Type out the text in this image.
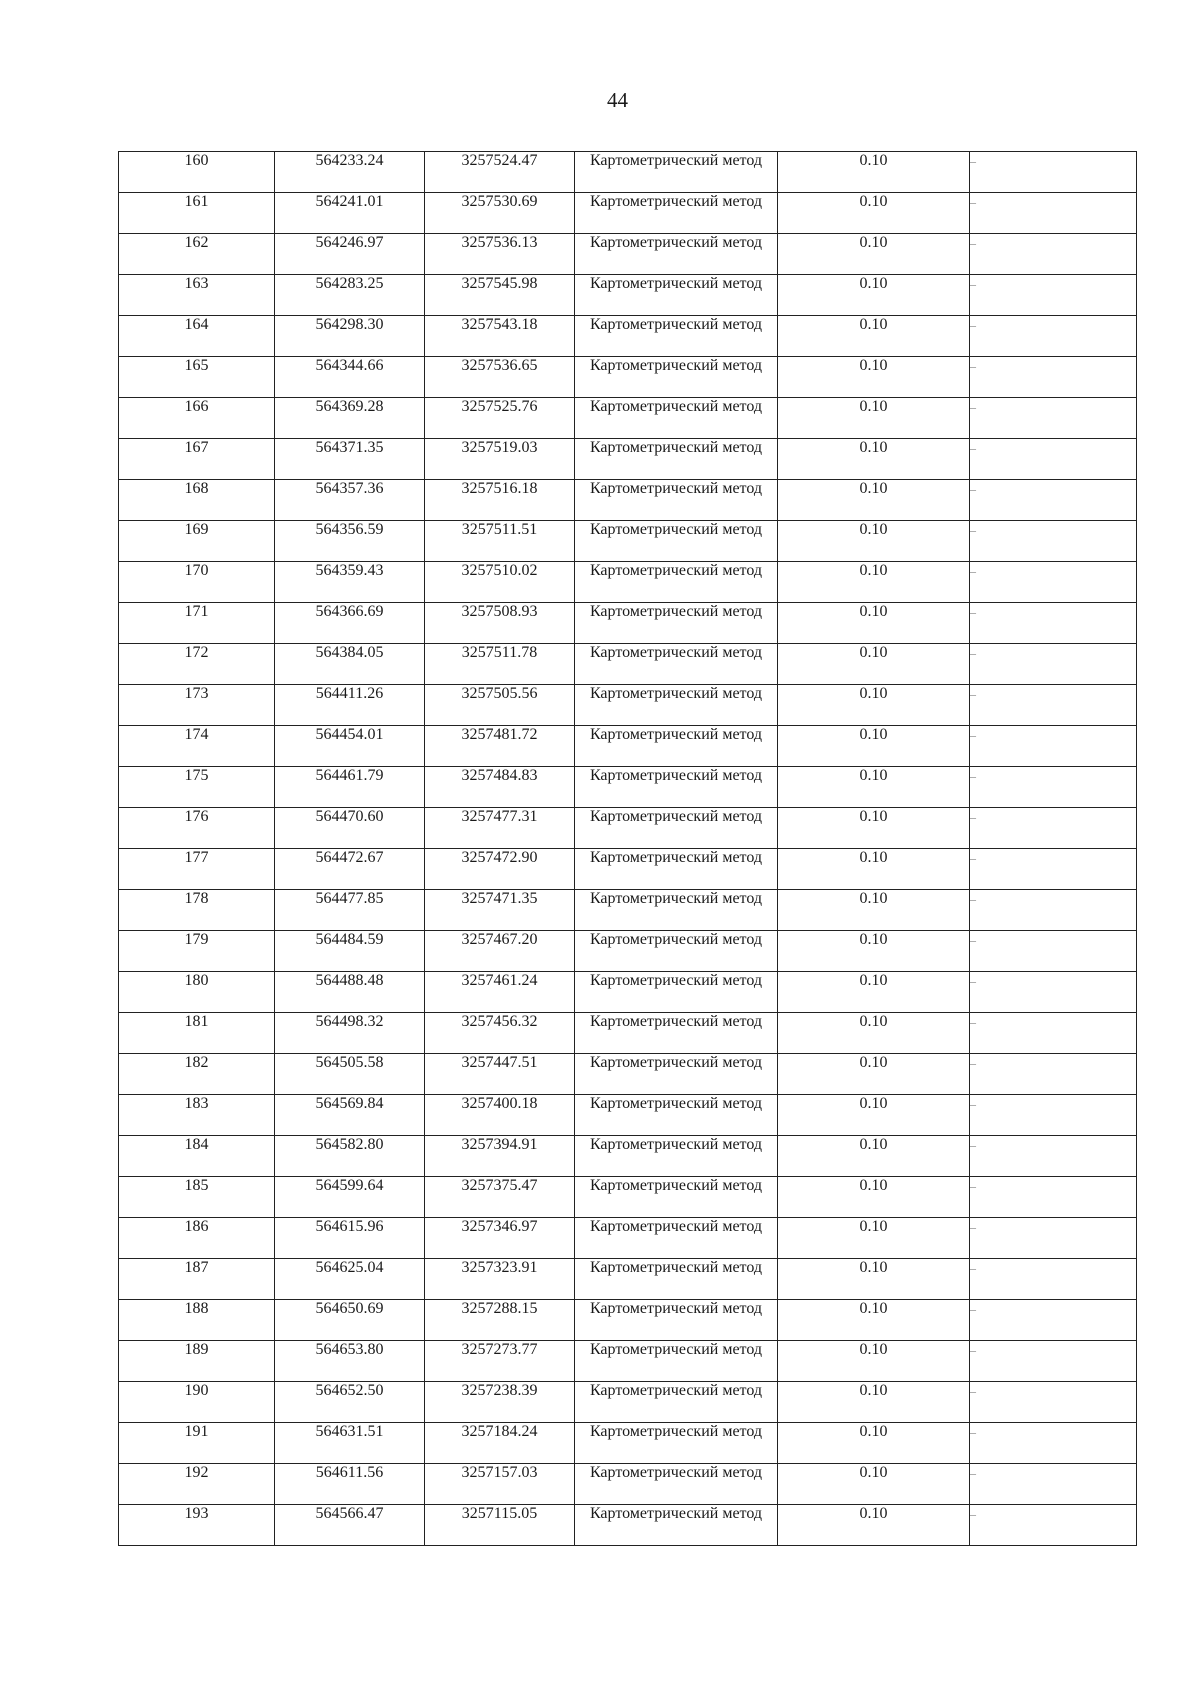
44
160	564233.24	3257524.47	Картометрический метод	0.10	–
161	564241.01	3257530.69	Картометрический метод	0.10	–
162	564246.97	3257536.13	Картометрический метод	0.10	–
163	564283.25	3257545.98	Картометрический метод	0.10	–
164	564298.30	3257543.18	Картометрический метод	0.10	–
165	564344.66	3257536.65	Картометрический метод	0.10	–
166	564369.28	3257525.76	Картометрический метод	0.10	–
167	564371.35	3257519.03	Картометрический метод	0.10	–
168	564357.36	3257516.18	Картометрический метод	0.10	–
169	564356.59	3257511.51	Картометрический метод	0.10	–
170	564359.43	3257510.02	Картометрический метод	0.10	–
171	564366.69	3257508.93	Картометрический метод	0.10	–
172	564384.05	3257511.78	Картометрический метод	0.10	–
173	564411.26	3257505.56	Картометрический метод	0.10	–
174	564454.01	3257481.72	Картометрический метод	0.10	–
175	564461.79	3257484.83	Картометрический метод	0.10	–
176	564470.60	3257477.31	Картометрический метод	0.10	–
177	564472.67	3257472.90	Картометрический метод	0.10	–
178	564477.85	3257471.35	Картометрический метод	0.10	–
179	564484.59	3257467.20	Картометрический метод	0.10	–
180	564488.48	3257461.24	Картометрический метод	0.10	–
181	564498.32	3257456.32	Картометрический метод	0.10	–
182	564505.58	3257447.51	Картометрический метод	0.10	–
183	564569.84	3257400.18	Картометрический метод	0.10	–
184	564582.80	3257394.91	Картометрический метод	0.10	–
185	564599.64	3257375.47	Картометрический метод	0.10	–
186	564615.96	3257346.97	Картометрический метод	0.10	–
187	564625.04	3257323.91	Картометрический метод	0.10	–
188	564650.69	3257288.15	Картометрический метод	0.10	–
189	564653.80	3257273.77	Картометрический метод	0.10	–
190	564652.50	3257238.39	Картометрический метод	0.10	–
191	564631.51	3257184.24	Картометрический метод	0.10	–
192	564611.56	3257157.03	Картометрический метод	0.10	–
193	564566.47	3257115.05	Картометрический метод	0.10	–
